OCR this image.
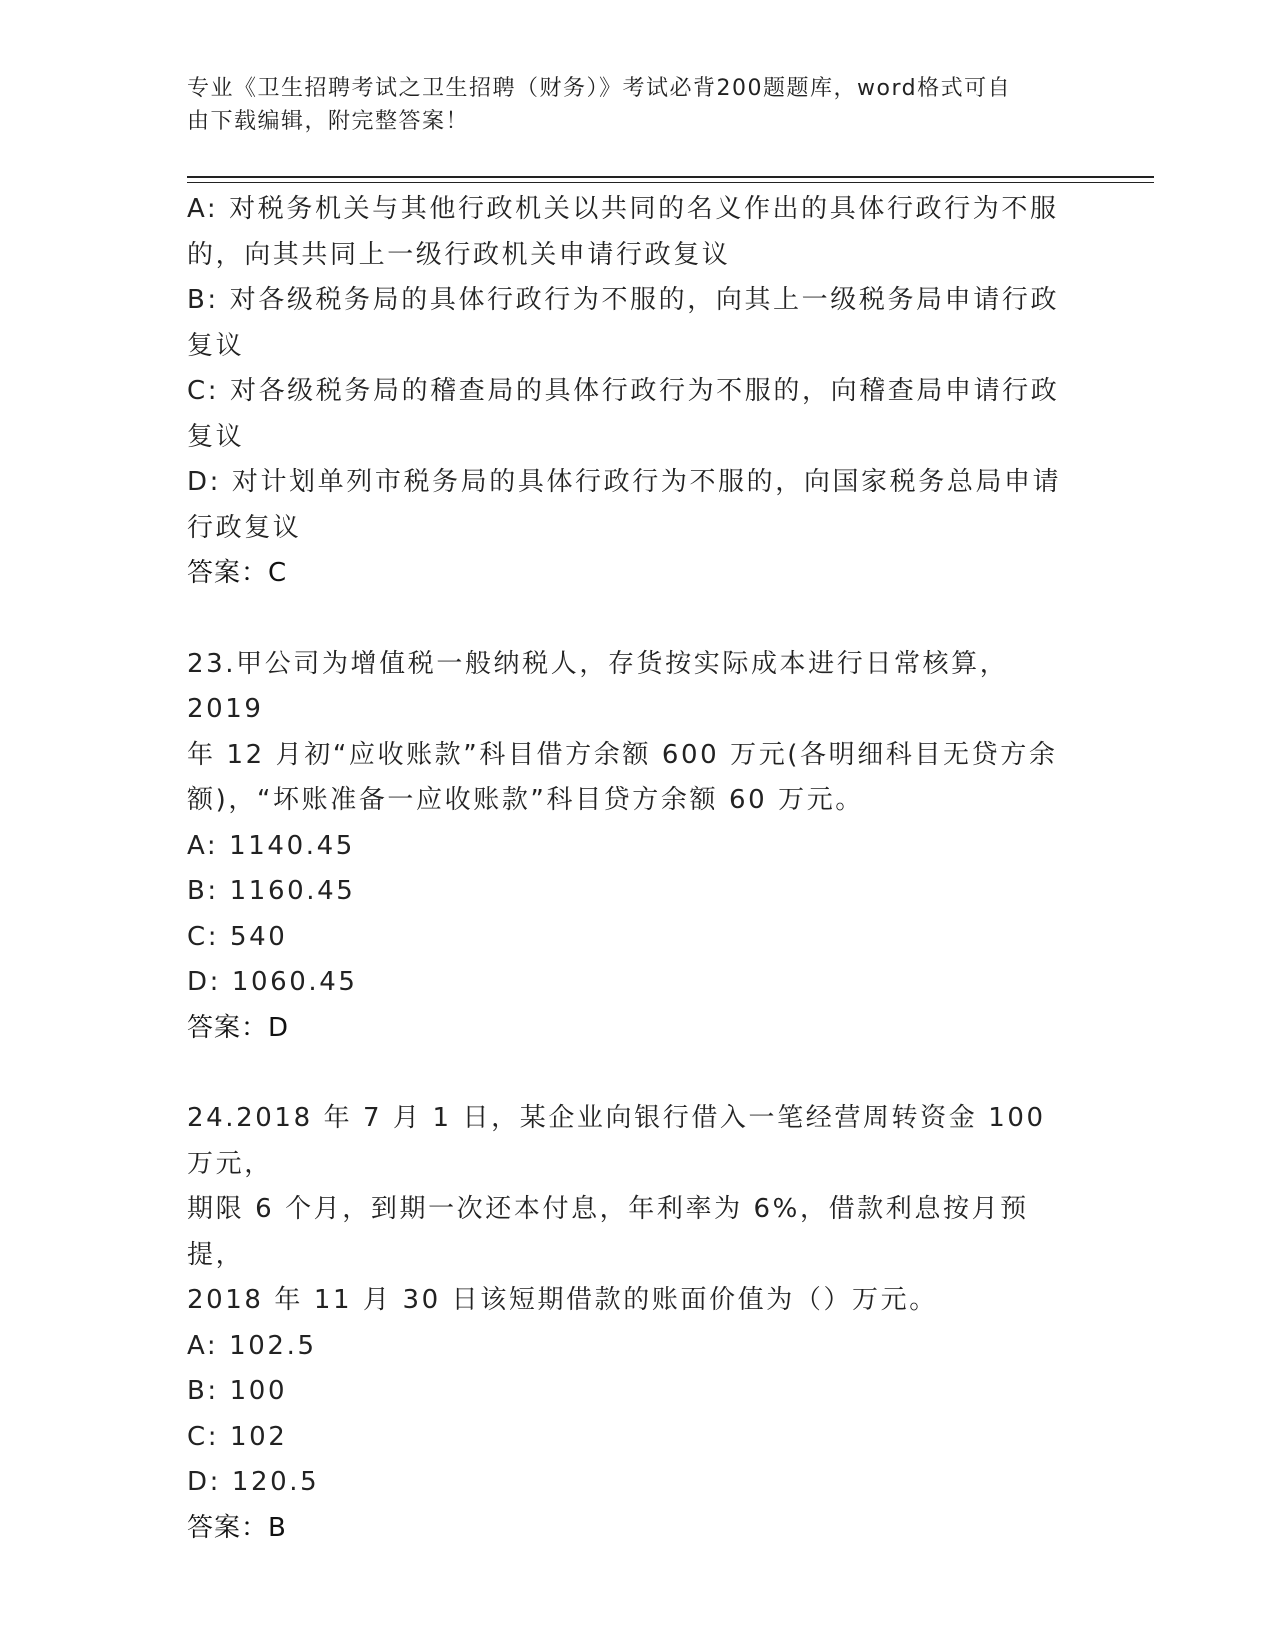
专业《卫生招聘考试之卫生招聘（财务）》考试必背200题题库，word格式可自
由下载编辑，附完整答案！
A: 对税务机关与其他行政机关以共同的名义作出的具体行政行为不服
的，向其共同上一级行政机关申请行政复议
B: 对各级税务局的具体行政行为不服的，向其上一级税务局申请行政
复议
C: 对各级税务局的稽查局的具体行政行为不服的，向稽查局申请行政
复议
D: 对计划单列市税务局的具体行政行为不服的，向国家税务总局申请
行政复议
答案：C
23.甲公司为增值税一般纳税人，存货按实际成本进行日常核算，2019
年 12 月初“应收账款”科目借方余额 600 万元(各明细科目无贷方余
额)，“坏账准备一应收账款”科目贷方余额 60 万元。
A: 1140.45
B: 1160.45
C: 540
D: 1060.45
答案：D
24.2018 年 7 月 1 日，某企业向银行借入一笔经营周转资金 100 万元，
期限 6 个月，到期一次还本付息，年利率为 6%，借款利息按月预提，
2018 年 11 月 30 日该短期借款的账面价值为（）万元。
A: 102.5
B: 100
C: 102
D: 120.5
答案：B
